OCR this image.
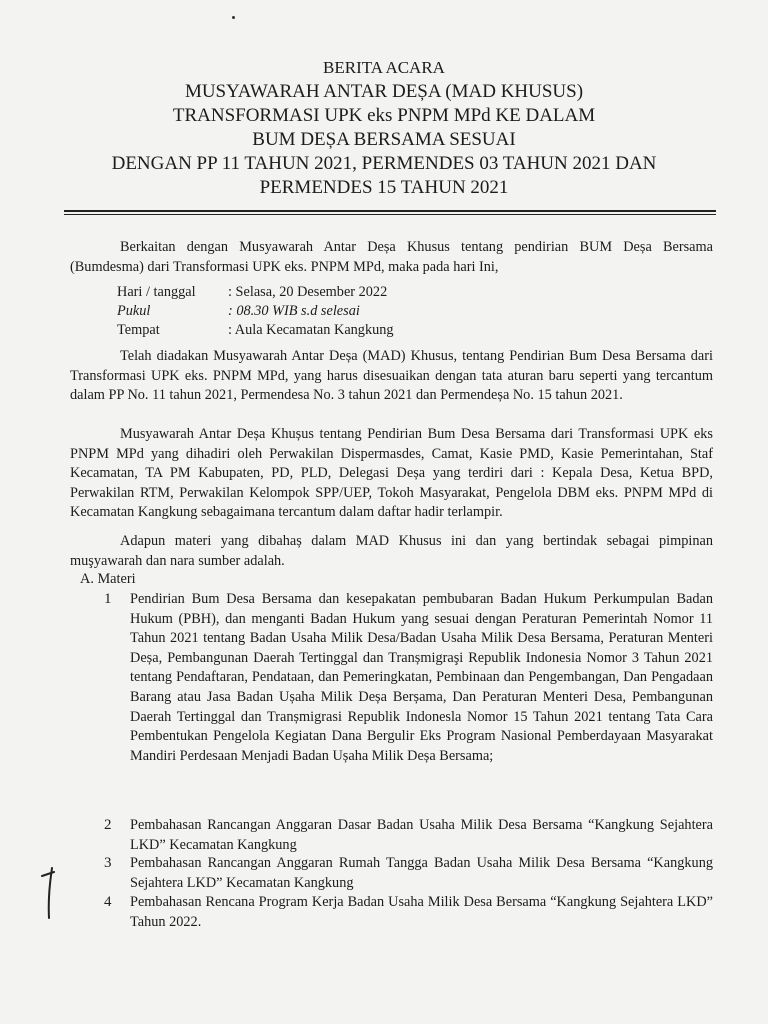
BERITA ACARA
MUSYAWARAH ANTAR DEȘA (MAD KHUSUS)
TRANSFORMASI UPK eks PNPM MPd KE DALAM
BUM DEȘA BERSAMA SESUAI
DENGAN PP 11 TAHUN 2021, PERMENDES 03 TAHUN 2021 DAN
PERMENDES 15 TAHUN 2021
Berkaitan dengan Musyawarah Antar Deșa Khusus tentang pendirian BUM Deșa Bersama (Bumdesma) dari Transformasi UPK eks. PNPM MPd, maka pada hari Ini,
Hari / tanggal : Selasa, 20 Desember 2022
Pukul	: 08.30 WIB s.d selesai
Tempat	: Aula Kecamatan Kangkung
Telah diadakan Musyawarah Antar Deșa (MAD) Khusus, tentang Pendirian Bum Desa Bersama dari Transformasi UPK eks. PNPM MPd, yang harus disesuaikan dengan tata aturan baru seperti yang tercantum dalam PP No. 11 tahun 2021, Permendesa No. 3 tahun 2021 dan Permendeșa No. 15 tahun 2021.
Musyawarah Antar Deșa Khușus tentang Pendirian Bum Desa Bersama dari Transformasi UPK eks PNPM MPd yang dihadiri oleh Perwakilan Dispermasdes, Camat, Kasie PMD, Kasie Pemerintahan, Staf Kecamatan, TA PM Kabupaten, PD, PLD, Delegasi Deșa yang terdiri dari : Kepala Desa, Ketua BPD, Perwakilan RTM, Perwakilan Kelompok SPP/UEP, Tokoh Masyarakat, Pengelola DBM eks. PNPM MPd di Kecamatan Kangkung sebagaimana tercantum dalam daftar hadir terlampir.
Adapun materi yang dibahaș dalam MAD Khusus ini dan yang bertindak sebagai pimpinan muşyawarah dan nara sumber adalah.
A. Materi
1 Pendirian Bum Desa Bersama dan kesepakatan pembubaran Badan Hukum Perkumpulan Badan Hukum (PBH), dan menganti Badan Hukum yang sesuai dengan Peraturan Pemerintah Nomor 11 Tahun 2021 tentang Badan Usaha Milik Desa/Badan Usaha Milik Desa Bersama, Peraturan Menteri Deșa, Pembangunan Daerah Tertinggal dan Tranșmigraşi Republik Indonesia Nomor 3 Tahun 2021 tentang Pendaftaran, Pendataan, dan Pemeringkatan, Pembinaan dan Pengembangan, Dan Pengadaan Barang atau Jasa Badan Ușaha Milik Deșa Berșama, Dan Peraturan Menteri Desa, Pembangunan Daerah Tertinggal dan Tranșmigrasi Republik Indonesla Nomor 15 Tahun 2021 tentang Tata Cara Pembentukan Pengelola Kegiatan Dana Bergulir Eks Program Nasional Pemberdayaan Masyarakat Mandiri Perdesaan Menjadi Badan Ușaha Milik Deșa Bersama;
2 Pembahasan Rancangan Anggaran Dasar Badan Usaha Milik Desa Bersama “Kangkung Sejahtera LKD” Kecamatan Kangkung
3 Pembahasan Rancangan Anggaran Rumah Tangga Badan Usaha Milik Desa Bersama “Kangkung Sejahtera LKD” Kecamatan Kangkung
4 Pembahasan Rencana Program Kerja Badan Usaha Milik Desa Bersama “Kangkung Sejahtera LKD” Tahun 2022.
